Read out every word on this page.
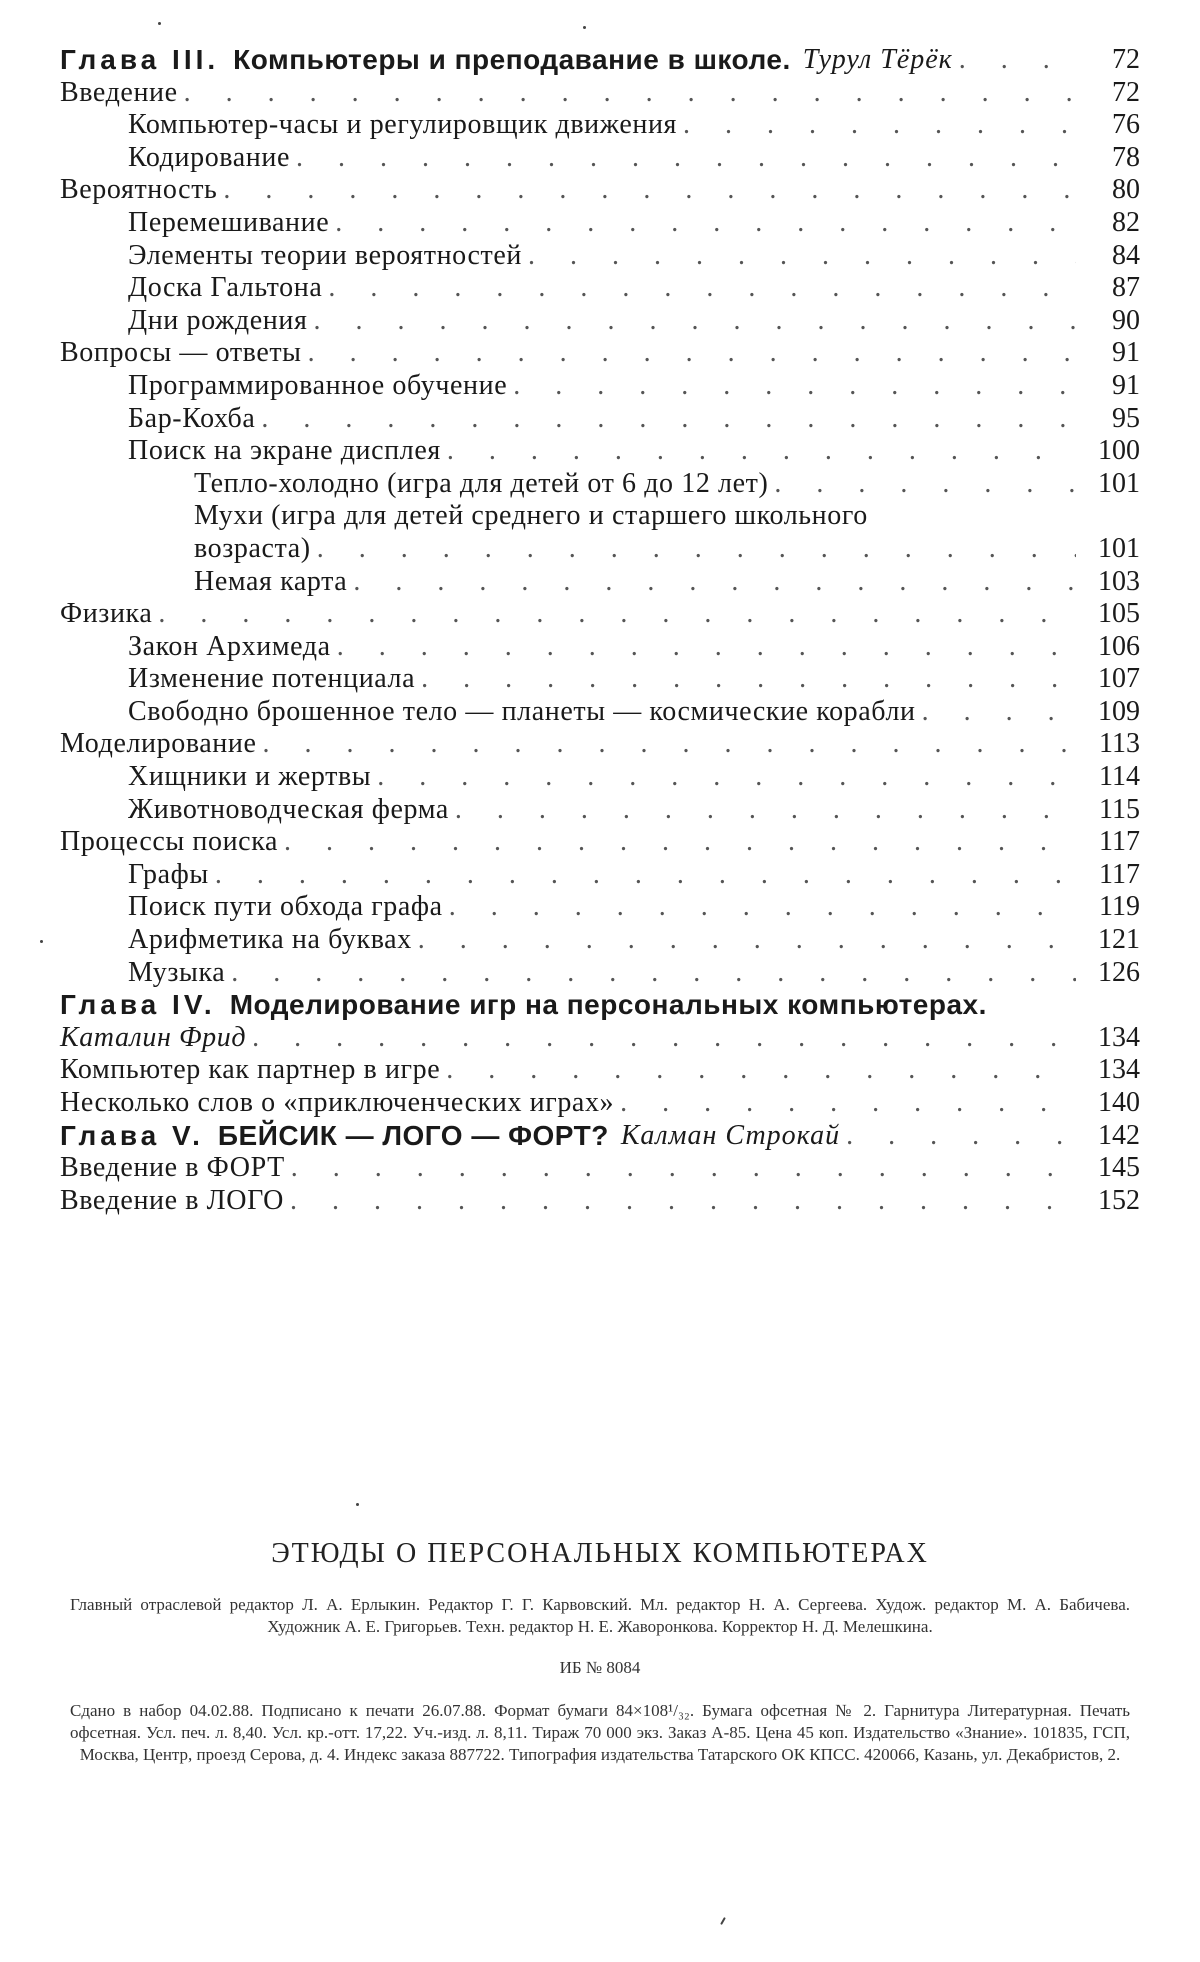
Глава III. Компьютеры и преподавание в школе. Турул Тёрёк . . .	72
Введение . . .	72
Компьютер-часы и регулировщик движения . . .	76
Кодирование . . .	78
Вероятность . . .	80
Перемешивание . . .	82
Элементы теории вероятностей . . .	84
Доска Гальтона . . .	87
Дни рождения . . .	90
Вопросы — ответы . . .	91
Программированное обучение . . .	91
Бар-Кохба . . .	95
Поиск на экране дисплея . . .	100
Тепло-холодно (игра для детей от 6 до 12 лет) . . .	101
Мухи (игра для детей среднего и старшего школьного
возраста) . . .	101
Немая карта . . .	103
Физика . . .	105
Закон Архимеда . . .	106
Изменение потенциала . . .	107
Свободно брошенное тело — планеты — космические корабли . . .	109
Моделирование . . .	113
Хищники и жертвы . . .	114
Животноводческая ферма . . .	115
Процессы поиска . . .	117
Графы . . .	117
Поиск пути обхода графа . . .	119
Арифметика на буквах . . .	121
Музыка . . .	126
Глава IV. Моделирование игр на персональных компьютерах.
Каталин Фрид . . .	134
Компьютер как партнер в игре . . .	134
Несколько слов о «приключенческих играх» . . .	140
Глава V. БЕЙСИК — ЛОГО — ФОРТ? Калман Строкай . . .	142
Введение в ФОРТ . . .	145
Введение в ЛОГО . . .	152
ЭТЮДЫ О ПЕРСОНАЛЬНЫХ КОМПЬЮТЕРАХ
Главный отраслевой редактор Л. А. Ерлыкин. Редактор Г. Г. Карвовский. Мл. редактор Н. А. Сергеева. Худож. редактор М. А. Бабичева. Художник А. Е. Григорьев. Техн. редактор Н. Е. Жаворонкова. Корректор Н. Д. Мелешкина.
ИБ № 8084
Сдано в набор 04.02.88. Подписано к печати 26.07.88. Формат бумаги 84×108¹/₃₂. Бумага офсетная № 2. Гарнитура Литературная. Печать офсетная. Усл. печ. л. 8,40. Усл. кр.-отт. 17,22. Уч.-изд. л. 8,11. Тираж 70 000 экз. Заказ А-85. Цена 45 коп. Издательство «Знание». 101835, ГСП, Москва, Центр, проезд Серова, д. 4. Индекс заказа 887722. Типография издательства Татарского ОК КПСС. 420066, Казань, ул. Декабристов, 2.
